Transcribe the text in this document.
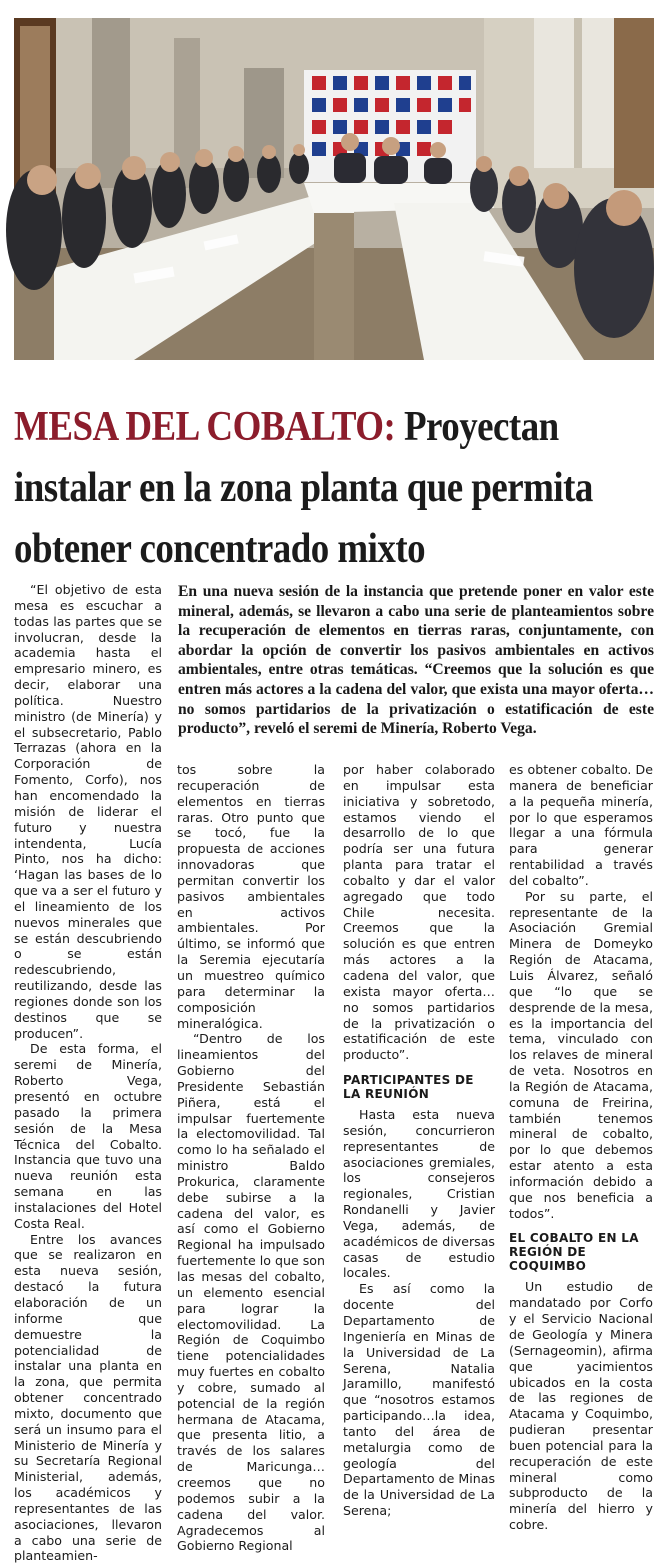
MESA DEL COBALTO: Proyectan instalar en la zona planta que permita obtener concentrado mixto
En una nueva sesión de la instancia que pretende poner en valor este mineral, además, se llevaron a cabo una serie de planteamientos sobre la recuperación de elementos en tierras raras, conjuntamente, con abordar la opción de convertir los pasivos ambientales en activos ambientales, entre otras temáticas. “Creemos que la solución es que entren más actores a la cadena del valor, que exista una mayor oferta…no somos partidarios de la privatización o estatificación de este producto”, reveló el seremi de Minería, Roberto Vega.

“El objetivo de esta mesa es escuchar a todas las partes que se involucran, desde la academia hasta el empresario minero, es decir, elaborar una política. Nuestro ministro (de Minería) y el subsecretario, Pablo Terrazas (ahora en la Corporación de Fomento, Corfo), nos han encomendado la misión de liderar el futuro y nuestra intendenta, Lucía Pinto, nos ha dicho: ‘Hagan las bases de lo que va a ser el futuro y el lineamiento de los nuevos minerales que se están descubriendo o se están redescubriendo, reutilizando, desde las regiones donde son los destinos que se producen”.

De esta forma, el seremi de Minería, Roberto Vega, presentó en octubre pasado la primera sesión de la Mesa Técnica del Cobalto. Instancia que tuvo una nueva reunión esta semana en las instalaciones del Hotel Costa Real.

Entre los avances que se realizaron en esta nueva sesión, destacó la futura elaboración de un informe que demuestre la potencialidad de instalar una planta en la zona, que permita obtener concentrado mixto, documento que será un insumo para el Ministerio de Minería y su Secretaría Regional Ministerial, además, los académicos y representantes de las asociaciones, llevaron a cabo una serie de planteamien-

tos sobre la recuperación de elementos en tierras raras. Otro punto que se tocó, fue la propuesta de acciones innovadoras que permitan convertir los pasivos ambientales en activos ambientales. Por último, se informó que la Seremia ejecutaría un muestreo químico para determinar la composición mineralógica.

“Dentro de los lineamientos del Gobierno del Presidente Sebastián Piñera, está el impulsar fuertemente la electomovilidad. Tal como lo ha señalado el ministro Baldo Prokurica, claramente debe subirse a la cadena del valor, es así como el Gobierno Regional ha impulsado fuertemente lo que son las mesas del cobalto, un elemento esencial para lograr la electomovilidad. La Región de Coquimbo tiene potencialidades muy fuertes en cobalto y cobre, sumado al potencial de la región hermana de Atacama, que presenta litio, a través de los salares de Maricunga…creemos que no podemos subir a la cadena del valor. Agradecemos al Gobierno Regional

por haber colaborado en impulsar esta iniciativa y sobretodo, estamos viendo el desarrollo de lo que podría ser una futura planta para tratar el cobalto y dar el valor agregado que todo Chile necesita. Creemos que la solución es que entren más actores a la cadena del valor, que exista mayor oferta…no somos partidarios de la privatización o estatificación de este producto”.

PARTICIPANTES DE LA REUNIÓN

Hasta esta nueva sesión, concurrieron representantes de asociaciones gremiales, los consejeros regionales, Cristian Rondanelli y Javier Vega, además, de académicos de diversas casas de estudio locales.

Es así como la docente del Departamento de Ingeniería en Minas de la Universidad de La Serena, Natalia Jaramillo, manifestó que “nosotros estamos participando…la idea, tanto del área de metalurgia como de geología del Departamento de Minas de la Universidad de La Serena;

es obtener cobalto. De manera de beneficiar a la pequeña minería, por lo que esperamos llegar a una fórmula para generar rentabilidad a través del cobalto”.

Por su parte, el representante de la Asociación Gremial Minera de Domeyko Región de Atacama, Luis Álvarez, señaló que “lo que se desprende de la mesa, es la importancia del tema, vinculado con los relaves de mineral de veta. Nosotros en la Región de Atacama, comuna de Freirina, también tenemos mineral de cobalto, por lo que debemos estar atento a esta información debido a que nos beneficia a todos”.

EL COBALTO EN LA REGIÓN DE COQUIMBO

Un estudio de mandatado por Corfo y el Servicio Nacional de Geología y Minera (Sernageomin), afirma que yacimientos ubicados en la costa de las regiones de Atacama y Coquimbo, pudieran presentar buen potencial para la recuperación de este mineral como subproducto de la minería del hierro y cobre.
